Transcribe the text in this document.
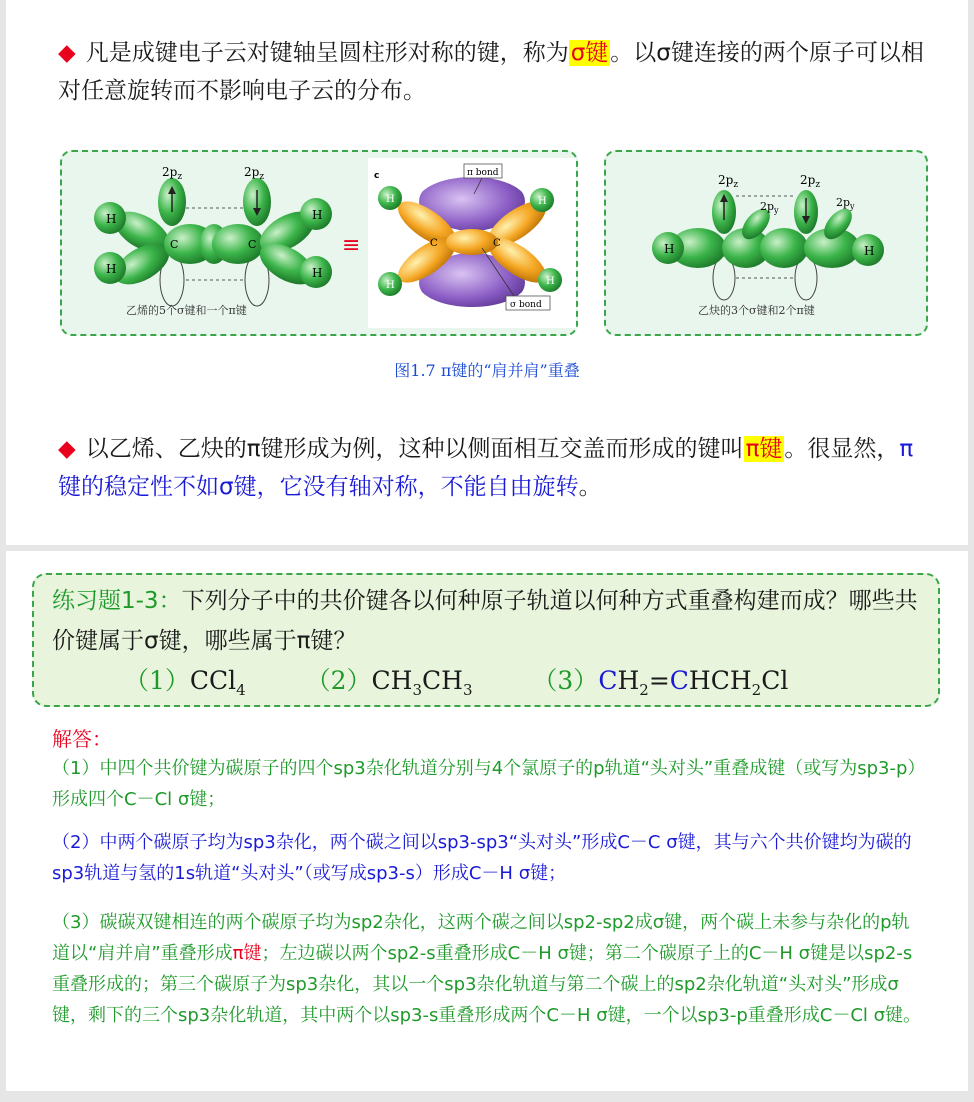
◆ 凡是成键电子云对键轴呈圆柱形对称的键，称为σ键。以σ键连接的两个原子可以相对任意旋转而不影响电子云的分布。
H
H
H
H
C	C
$2p_z$	$2p_z$
乙烯的5个σ键和一个π键
≡
c
H
H
H
H
C	C
π bond
σ bond
H	H
$2p_z$	$2p_z$
$2p_y$
$2p_y$
乙炔的3个σ键和2个π键
图1.7 π键的“肩并肩”重叠
◆ 以乙烯、乙炔的π键形成为例，这种以侧面相互交盖而形成的键叫π键。很显然，π键的稳定性不如σ键，它没有轴对称，不能自由旋转。
练习题1-3：下列分子中的共价键各以何种原子轨道以何种方式重叠构建而成？哪些共价键属于σ键，哪些属于π键？
（1）CCl$_4$ $(2)CH_3CH_3$ $(3)CH_2=CHCH_2Cl$
解答：
（1）中四个共价键为碳原子的四个sp3杂化轨道分别与4个氯原子的p轨道“头对头”重叠成键（或写为sp3-p）形成四个C－Cl σ键；
（2）中两个碳原子均为sp3杂化，两个碳之间以sp3-sp3“头对头”形成C－C σ键，其与六个共价键均为碳的sp3轨道与氢的1s轨道“头对头”（或写成sp3-s）形成C－H σ键；
（3）碳碳双键相连的两个碳原子均为sp2杂化，这两个碳之间以sp2-sp2成σ键，两个碳上未参与杂化的p轨道以“肩并肩”重叠形成π键；左边碳以两个sp2-s重叠形成C－H σ键；第二个碳原子上的C－H σ键是以sp2-s重叠形成的；第三个碳原子为sp3杂化，其以一个sp3杂化轨道与第二个碳上的sp2杂化轨道“头对头”形成σ键，剩下的三个sp3杂化轨道，其中两个以sp3-s重叠形成两个C－H σ键，一个以sp3-p重叠形成C－Cl σ键。
